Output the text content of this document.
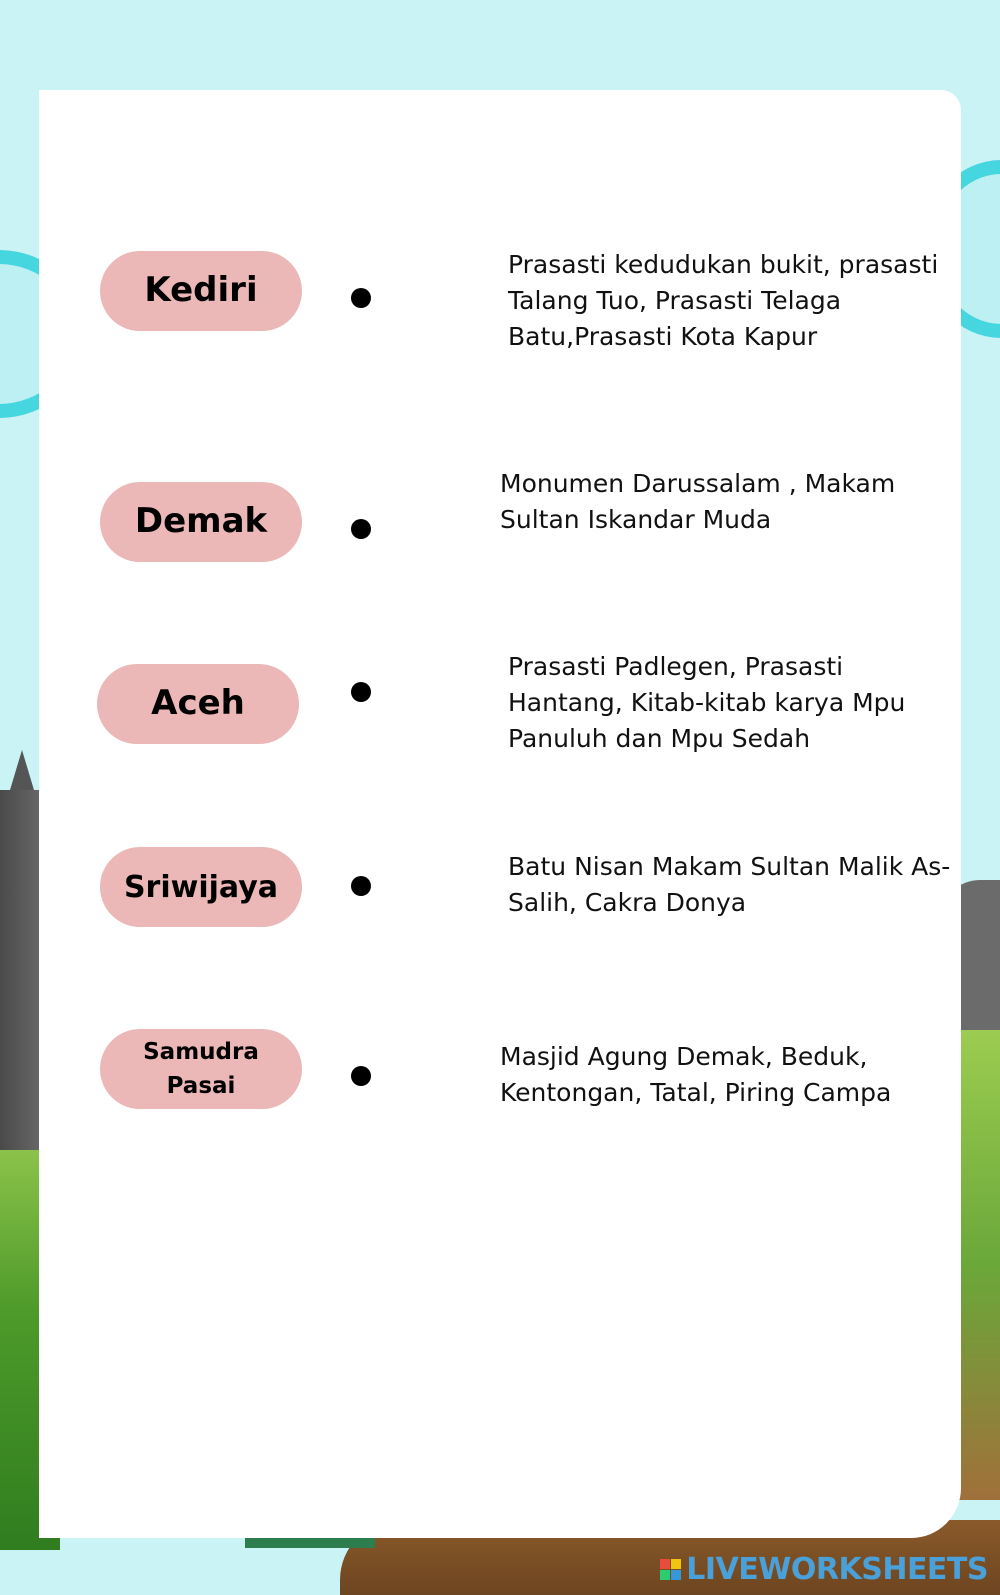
Kediri
Demak
Aceh
Sriwijaya
Samudra Pasai

Prasasti kedudukan bukit, prasasti Talang Tuo, Prasasti Telaga Batu,Prasasti Kota Kapur

Monumen Darussalam , Makam Sultan Iskandar Muda

Prasasti Padlegen, Prasasti Hantang, Kitab-kitab karya Mpu Panuluh dan Mpu Sedah

Batu Nisan Makam Sultan Malik As-Salih, Cakra Donya

Masjid Agung Demak, Beduk, Kentongan, Tatal, Piring Campa

LIVEWORKSHEETS
